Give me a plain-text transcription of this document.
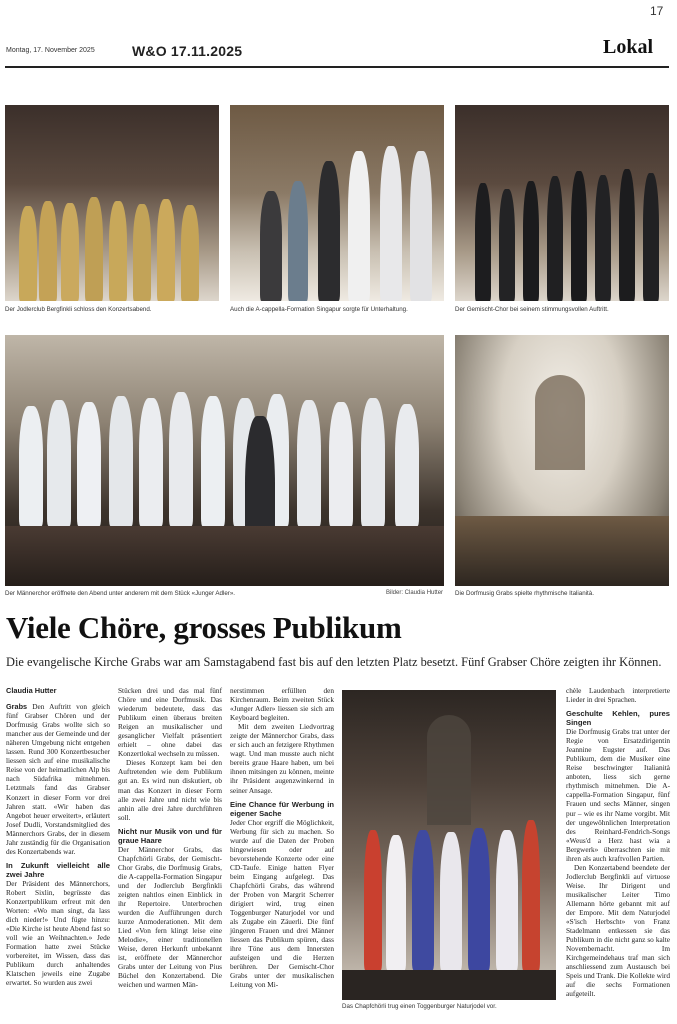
17
Montag, 17. November 2025	W&O 17.11.2025	Lokal
Der Jodlerclub Bergfinkli schloss den Konzertsabend.	Auch die A-cappella-Formation Singapur sorgte für Unterhaltung.	Der Gemischt-Chor bei seinem stimmungsvollen Auftritt.
Der Männerchor eröffnete den Abend unter anderem mit dem Stück «Junger Adler».	Bilder: Claudia Hutter Die Dorfmusig Grabs spielte rhythmische Italianità.
Viele Chöre, grosses Publikum
Die evangelische Kirche Grabs war am Samstagabend fast bis auf den letzten Platz besetzt. Fünf Grabser Chöre zeigten ihr Können.
Claudia Hutter

Grabs Den Auftritt von gleich fünf Grabser Chören und der Dorfmusig Grabs wollte sich so mancher aus der Gemeinde und der näheren Umgebung nicht entgehen lassen. Rund 300 Konzertbesucher liessen sich auf eine musikalische Reise von der heimatlichen Alp bis nach Südafrika mitnehmen. Letztmals fand das Grabser Konzert in dieser Form vor drei Jahren statt. «Wir haben das Angebot heuer erweitert», erläutert Josef Dudli, Vorstandsmitglied des Männerchors Grabs, der in diesem Jahr zuständig für die Organisation des Konzertabends war.

In Zukunft vielleicht alle zwei Jahre

Der Präsident des Männerchors, Robert Sixlin, begrüsste das Konzertpublikum erfreut mit den Worten: «Wo man singt, da lass dich nieder!» Und fügte hinzu: «Die Kirche ist heute Abend fast so voll wie an Weihnachten.» Jede Formation hatte zwei Stücke vorbereitet, im Wissen, dass das Publikum durch anhaltendes Klatschen jeweils eine Zugabe erwartet. So wurden aus zwei

Stücken drei und das mal fünf Chöre und eine Dorfmusik. Das wiederum bedeutete, dass das Publikum einen überaus breiten Reigen an musikalischer und gesanglicher Vielfalt präsentiert erhielt – ohne dabei das Konzertlokal wechseln zu müssen.

Dieses Konzept kam bei den Auftretenden wie dem Publikum gut an. Es wird nun diskutiert, ob man das Konzert in dieser Form alle zwei Jahre und nicht wie bis anhin alle drei Jahre durchführen soll.

Nicht nur Musik von und für graue Haare

Der Männerchor Grabs, das Chapfchörli Grabs, der Gemischt-Chor Grabs, die Dorfmusig Grabs, die A-cappella-Formation Singapur und der Jodlerclub Bergfinkli zeigten nahtlos einen Einblick in ihr Repertoire. Unterbrochen wurden die Aufführungen durch kurze Anmoderationen. Mit dem Lied «Von fern klingt leise eine Melodie», einer traditionellen Weise, deren Herkunft unbekannt ist, eröffnete der Männerchor Grabs unter der Leitung von Pius Büchel den Konzertabend. Die weichen und warmen Män-

nerstimmen erfüllten den Kirchenraum. Beim zweiten Stück «Junger Adler» liessen sie sich am Keyboard begleiten.

Mit dem zweiten Liedvortrag zeigte der Männerchor Grabs, dass er sich auch an fetzigere Rhythmen wagt. Und man musste auch nicht bereits graue Haare haben, um bei ihnen mitsingen zu können, meinte ihr Präsident augenzwinkernd in seiner Ansage.

Eine Chance für Werbung in eigener Sache

Jeder Chor ergriff die Möglichkeit, Werbung für sich zu machen. So wurde auf die Daten der Proben hingewiesen oder auf bevorstehende Konzerte oder eine CD-Taufe. Einige hatten Flyer beim Eingang aufgelegt. Das Chapfchörli Grabs, das während der Proben von Margrit Scherrer dirigiert wird, trug einen Toggenburger Naturjodel vor und als Zugabe ein Zäuerli. Die fünf jüngeren Frauen und drei Männer liessen das Publikum spüren, dass ihre Töne aus dem Innersten aufsteigen und die Herzen berühren. Der Gemischt-Chor Grabs unter der musikalischen Leitung von Mi-

Das Chapfchörli trug einen Toggenburger Naturjodel vor.

chèle Laudenbach interpretierte Lieder in drei Sprachen.

Geschulte Kehlen, pures Singen

Die Dorfmusig Grabs trat unter der Regie von Ersatzdirigentin Jeannine Eugster auf. Das Publikum, dem die Musiker eine Reise beschwingter Italianità anboten, liess sich gerne rhythmisch mitnehmen. Die A-cappella-Formation Singapur, fünf Frauen und sechs Männer, singen pur – wie es ihr Name vorgibt. Mit der ungewöhnlichen Interpretation des Reinhard-Fendrich-Songs «Weus'd a Herz hast wia a Bergwerk» überraschten sie mit ihren als auch kraftvollen Partien.

Den Konzertabend beendete der Jodlerclub Bergfinkli auf virtuose Weise. Ihr Dirigent und musikalischer Leiter Timo Allemann hörte gebannt mit auf der Empore. Mit dem Naturjodel «S'isch Herbscht» von Franz Stadelmann entkessen sie das Publikum in die nicht ganz so kalte Novembernacht. Im Kirchgemeindehaus traf man sich anschliessend zum Austausch bei Speis und Trank. Die Kollekte wird auf die sechs Formationen aufgeteilt.
